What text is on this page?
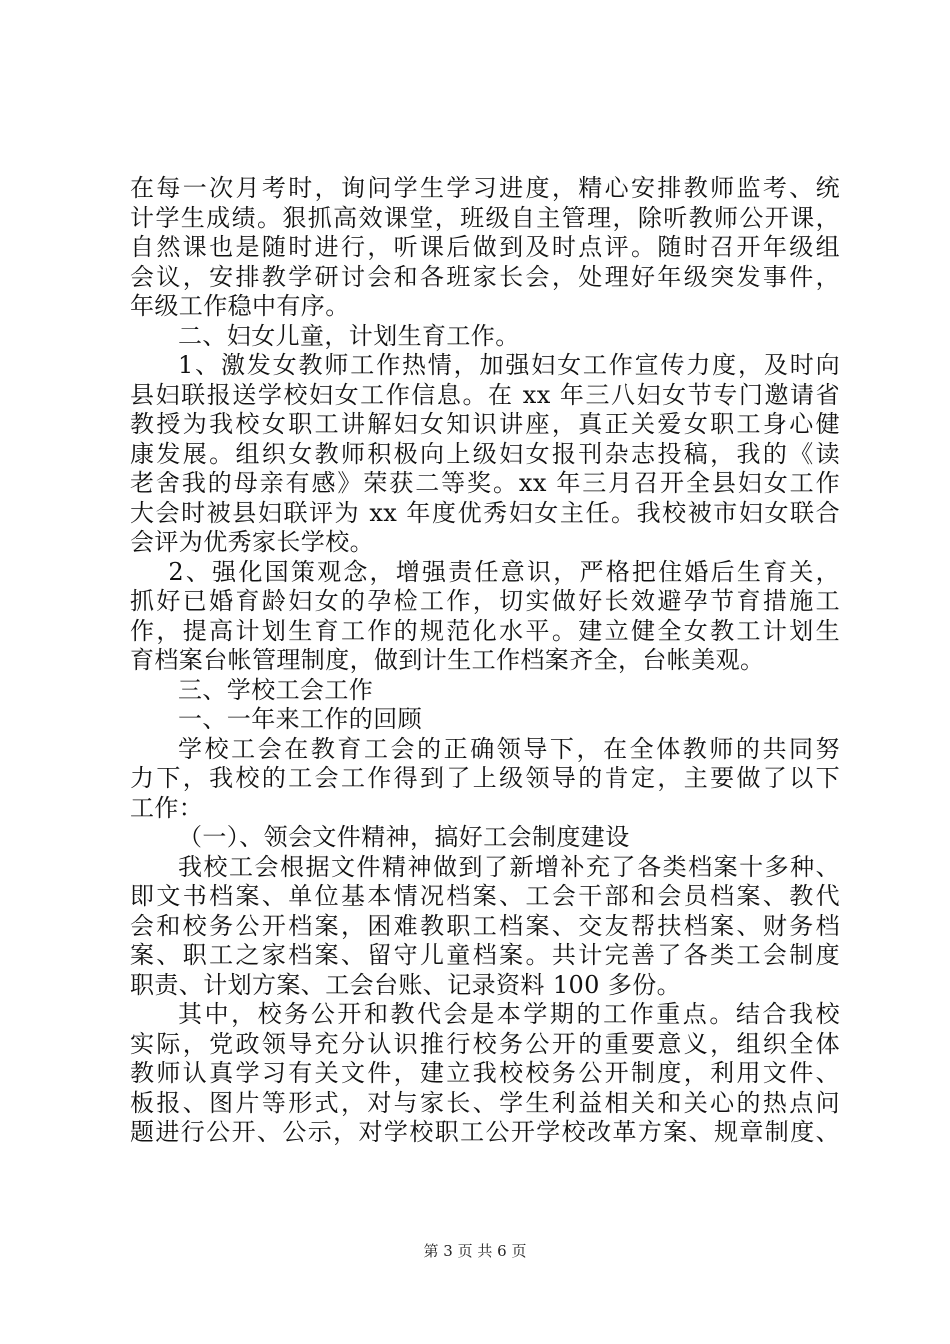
在每一次月考时，询问学生学习进度，精心安排教师监考、统
计学生成绩。狠抓高效课堂，班级自主管理，除听教师公开课，
自然课也是随时进行，听课后做到及时点评。随时召开年级组
会议，安排教学研讨会和各班家长会，处理好年级突发事件，
年级工作稳中有序。
二、妇女儿童，计划生育工作。
1、激发女教师工作热情，加强妇女工作宣传力度，及时向
县妇联报送学校妇女工作信息。在 xx 年三八妇女节专门邀请省
教授为我校女职工讲解妇女知识讲座，真正关爱女职工身心健
康发展。组织女教师积极向上级妇女报刊杂志投稿，我的《读
老舍我的母亲有感》荣获二等奖。xx 年三月召开全县妇女工作
大会时被县妇联评为 xx 年度优秀妇女主任。我校被市妇女联合
会评为优秀家长学校。
2、强化国策观念，增强责任意识，严格把住婚后生育关，
抓好已婚育龄妇女的孕检工作，切实做好长效避孕节育措施工
作，提高计划生育工作的规范化水平。建立健全女教工计划生
育档案台帐管理制度，做到计生工作档案齐全，台帐美观。
三、学校工会工作
一、一年来工作的回顾
学校工会在教育工会的正确领导下，在全体教师的共同努
力下，我校的工会工作得到了上级领导的肯定，主要做了以下
工作：
（一）、领会文件精神，搞好工会制度建设
我校工会根据文件精神做到了新增补充了各类档案十多种、
即文书档案、单位基本情况档案、工会干部和会员档案、教代
会和校务公开档案，困难教职工档案、交友帮扶档案、财务档
案、职工之家档案、留守儿童档案。共计完善了各类工会制度
职责、计划方案、工会台账、记录资料 100 多份。
其中，校务公开和教代会是本学期的工作重点。结合我校
实际，党政领导充分认识推行校务公开的重要意义，组织全体
教师认真学习有关文件，建立我校校务公开制度，利用文件、
板报、图片等形式，对与家长、学生利益相关和关心的热点问
题进行公开、公示，对学校职工公开学校改革方案、规章制度、
第 3 页 共 6 页
